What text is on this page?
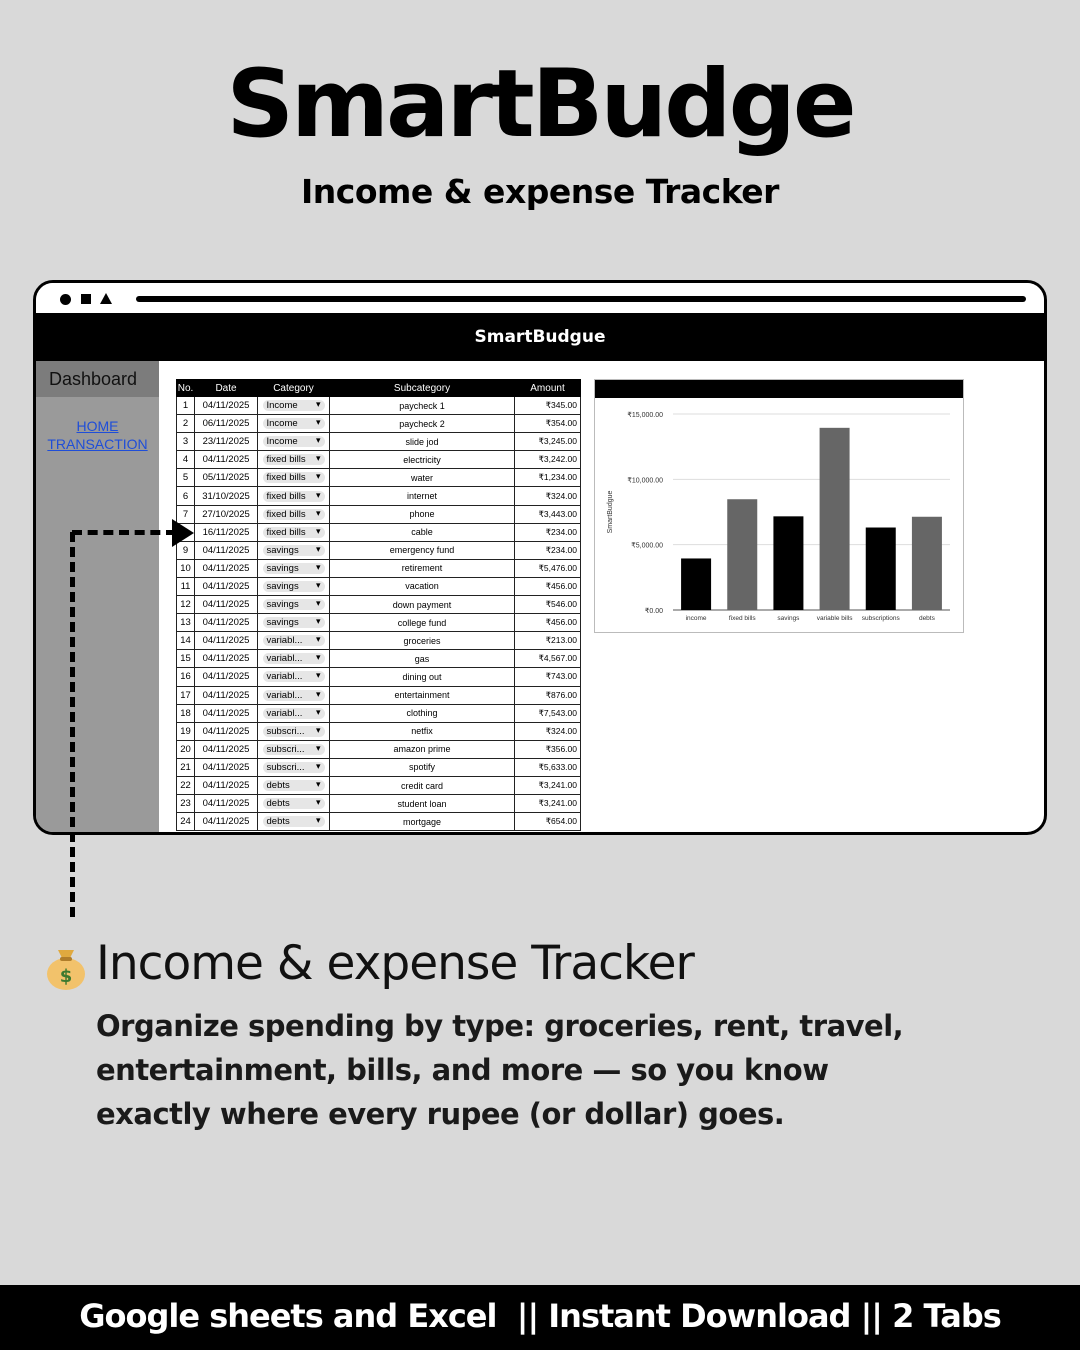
SmartBudge
Income & expense Tracker
SmartBudgue
Dashboard
HOME
TRANSACTION
No.	Date	Category	Subcategory	Amount
1	04/11/2025	Income ▾	paycheck 1	₹345.00
2	06/11/2025	Income ▾	paycheck 2	₹354.00
3	23/11/2025	Income ▾	slide jod	₹3,245.00
4	04/11/2025	fixed bills ▾	electricity	₹3,242.00
5	05/11/2025	fixed bills ▾	water	₹1,234.00
6	31/10/2025	fixed bills ▾	internet	₹324.00
7	27/10/2025	fixed bills ▾	phone	₹3,443.00
8	16/11/2025	fixed bills ▾	cable	₹234.00
9	04/11/2025	savings ▾	emergency fund	₹234.00
10	04/11/2025	savings ▾	retirement	₹5,476.00
11	04/11/2025	savings ▾	vacation	₹456.00
12	04/11/2025	savings ▾	down payment	₹546.00
13	04/11/2025	savings ▾	college fund	₹456.00
14	04/11/2025	variabl... ▾	groceries	₹213.00
15	04/11/2025	variabl... ▾	gas	₹4,567.00
16	04/11/2025	variabl... ▾	dining out	₹743.00
17	04/11/2025	variabl... ▾	entertainment	₹876.00
18	04/11/2025	variabl... ▾	clothing	₹7,543.00
19	04/11/2025	subscri... ▾	netfix	₹324.00
20	04/11/2025	subscri... ▾	amazon prime	₹356.00
21	04/11/2025	subscri... ▾	spotify	₹5,633.00
22	04/11/2025	debts ▾	credit card	₹3,241.00
23	04/11/2025	debts ▾	student loan	₹3,241.00
24	04/11/2025	debts ▾	mortgage	₹654.00
₹0.00
₹5,000.00
₹10,000.00
₹15,000.00
SmartBudgue
income	fixed bills	savings	variable bills subscriptions	debts
$ Income & expense Tracker
Organize spending by type: groceries, rent, travel, entertainment, bills, and more — so you know exactly where every rupee (or dollar) goes.
Google sheets and Excel  || Instant Download || 2 Tabs
